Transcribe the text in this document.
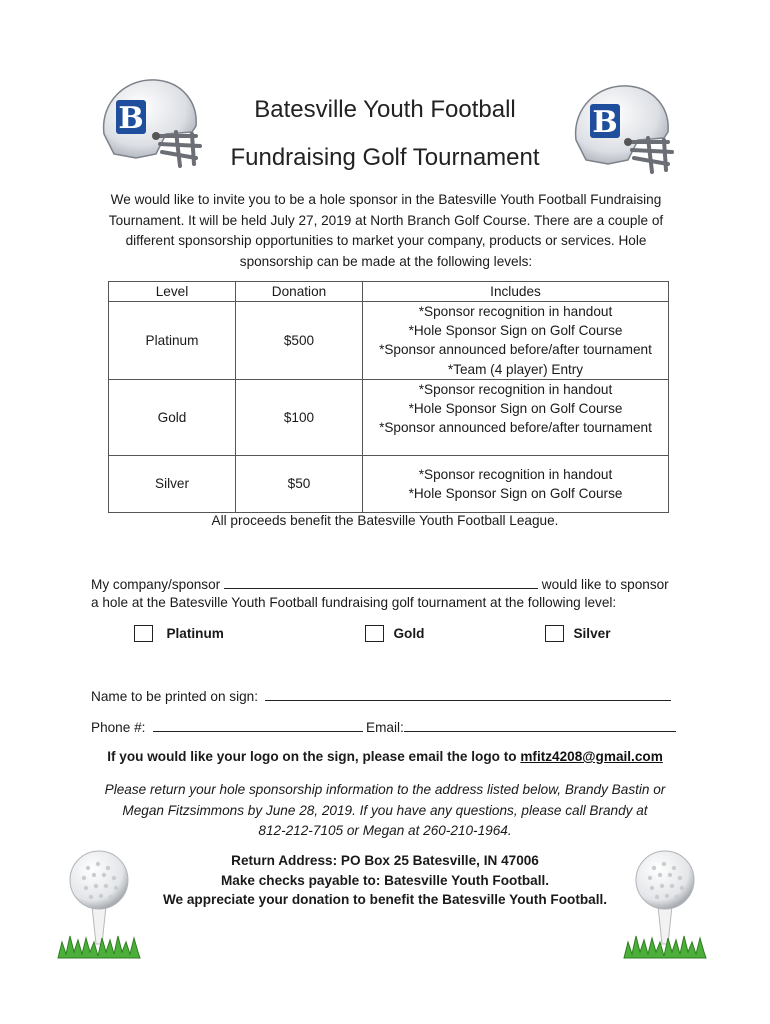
B	B
Batesville Youth Football
Fundraising Golf Tournament
We would like to invite you to be a hole sponsor in the Batesville Youth Football Fundraising Tournament. It will be held July 27, 2019 at North Branch Golf Course. There are a couple of different sponsorship opportunities to market your company, products or services. Hole sponsorship can be made at the following levels:
Level	Donation	Includes
Platinum	$500	*Sponsor recognition in handout
*Hole Sponsor Sign on Golf Course
*Sponsor announced before/after tournament
*Team (4 player) Entry

Gold	$100	*Sponsor recognition in handout
*Hole Sponsor Sign on Golf Course
*Sponsor announced before/after tournament

Silver	$50	*Sponsor recognition in handout
*Hole Sponsor Sign on Golf Course
All proceeds benefit the Batesville Youth Football League.
My company/sponsor	would like to sponsor
a hole at the Batesville Youth Football fundraising golf tournament at the following level:
Platinum	Gold	Silver
Name to be printed on sign:
Phone #:	Email:
If you would like your logo on the sign, please email the logo to mfitz4208@gmail.com
Please return your hole sponsorship information to the address listed below, Brandy Bastin or
Megan Fitzsimmons by June 28, 2019. If you have any questions, please call Brandy at
812-212-7105 or Megan at 260-210-1964.
Return Address: PO Box 25 Batesville, IN 47006
Make checks payable to: Batesville Youth Football.
We appreciate your donation to benefit the Batesville Youth Football.
